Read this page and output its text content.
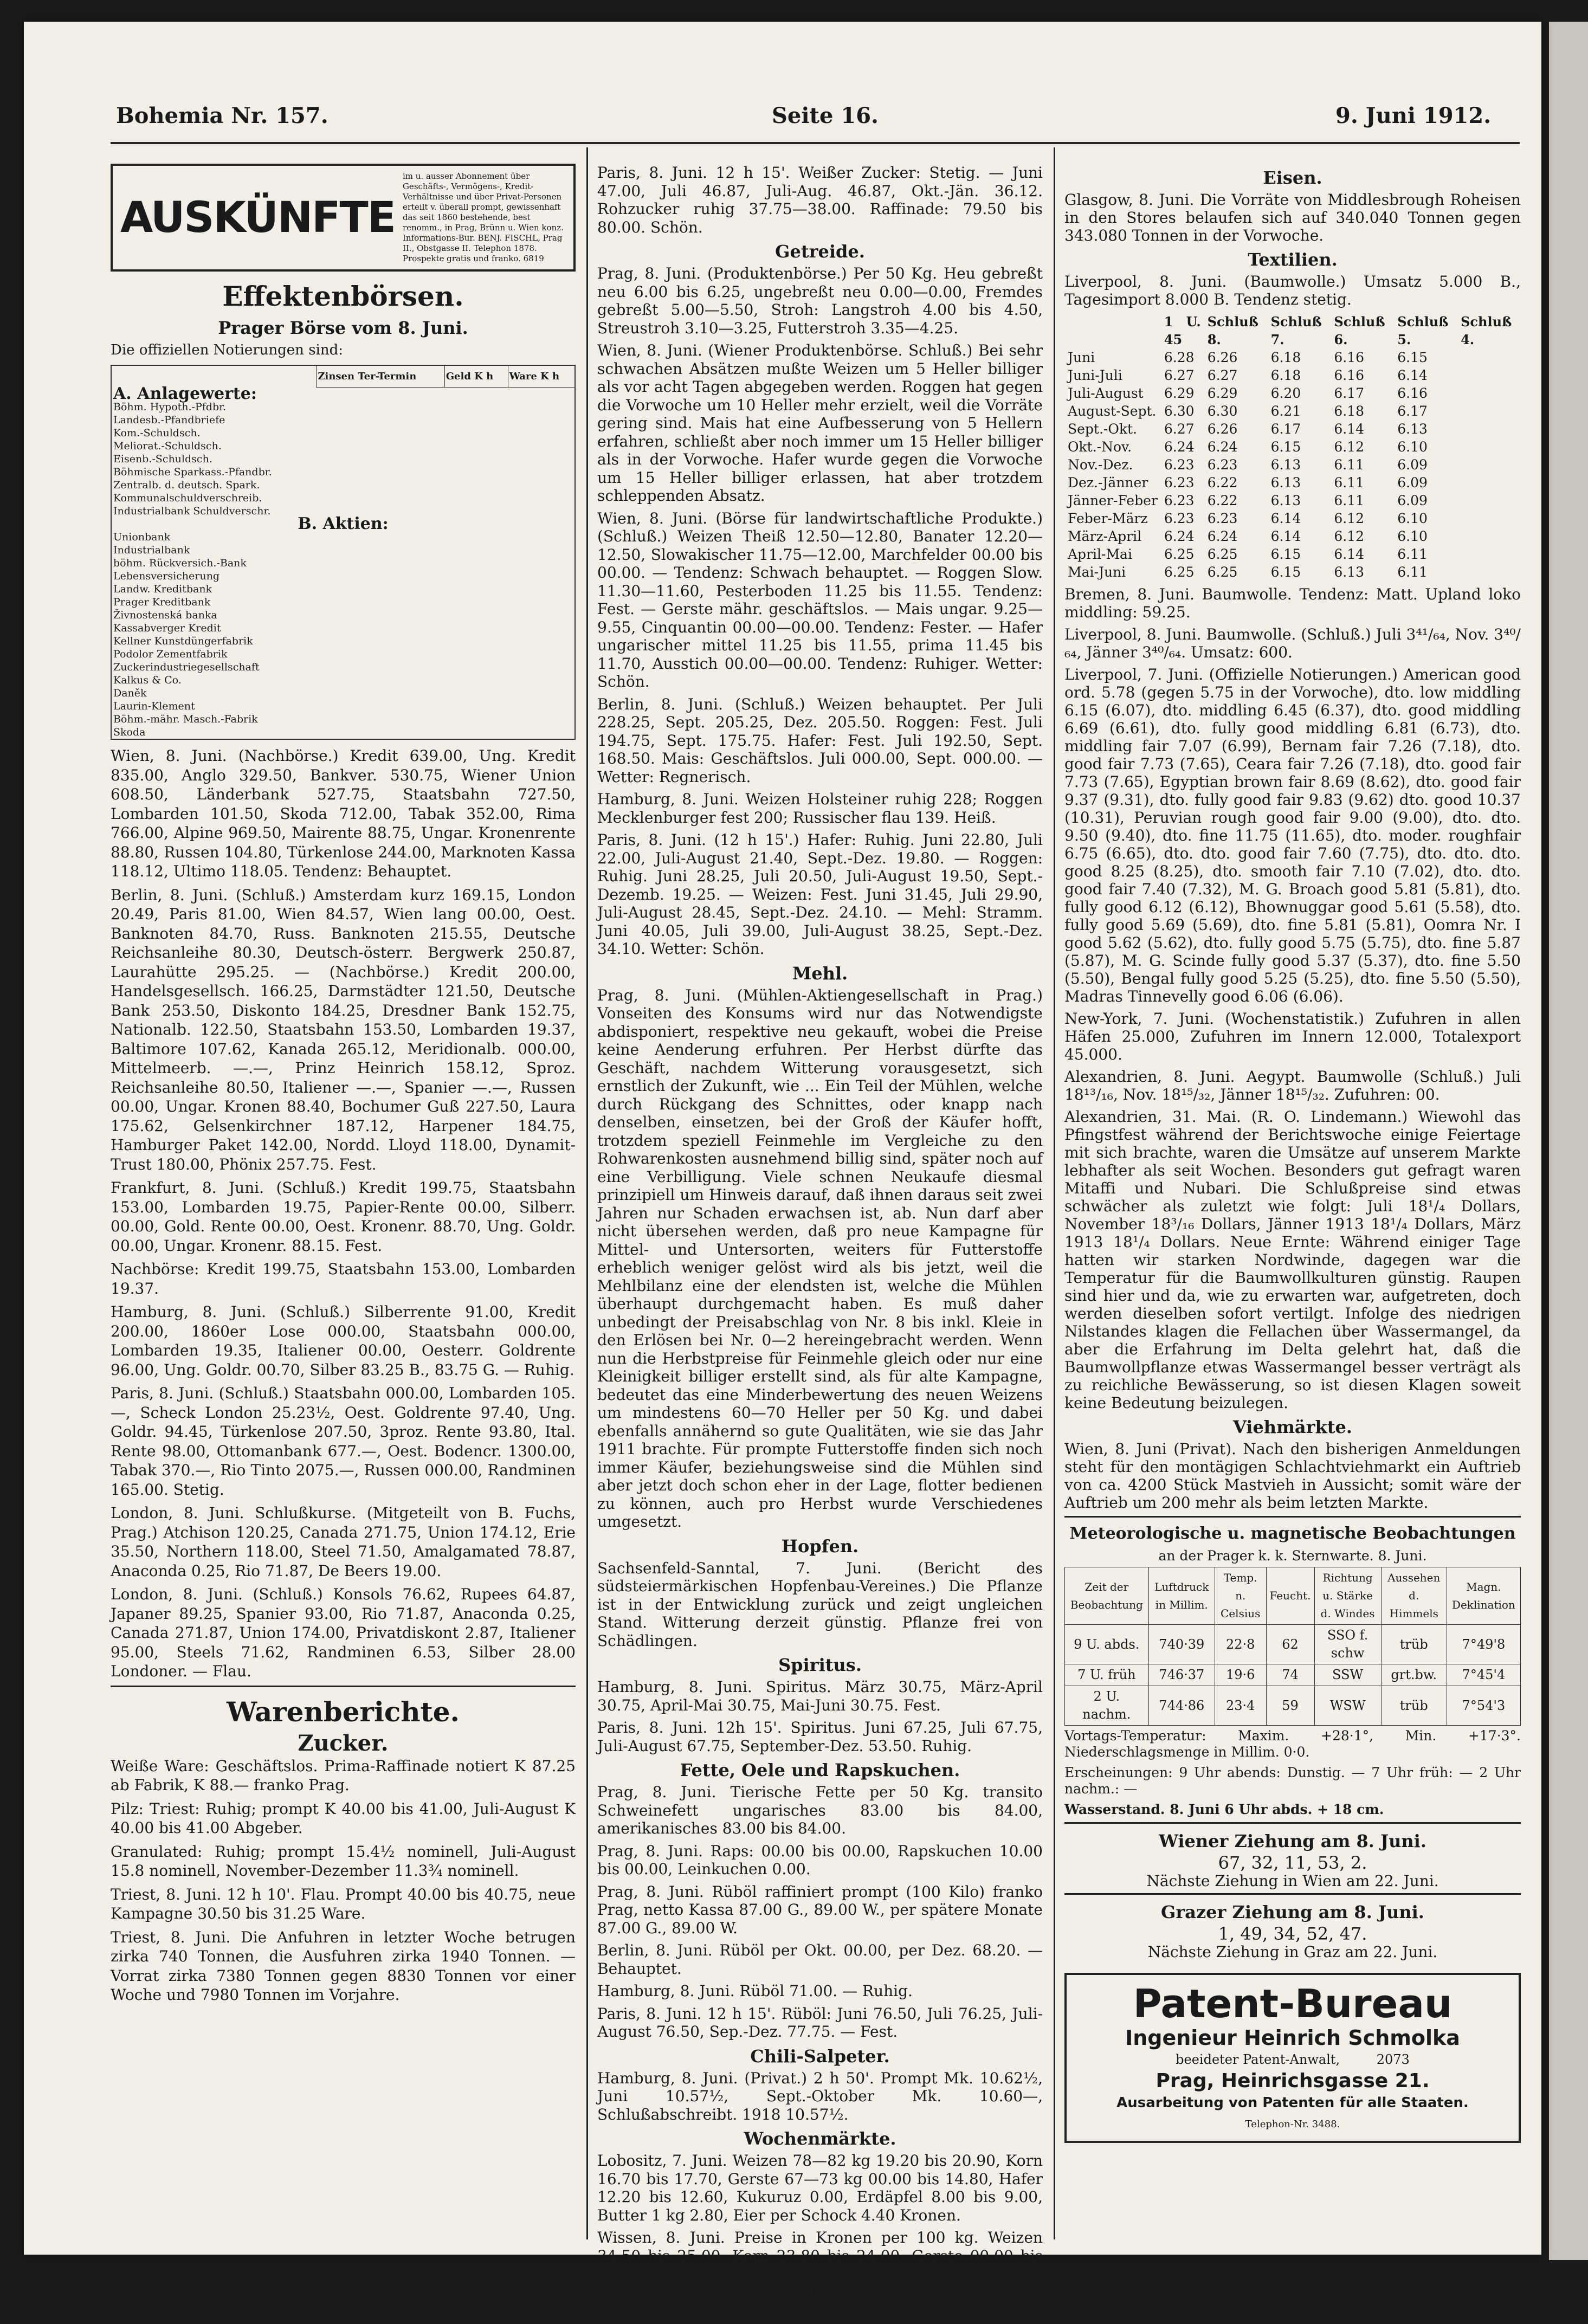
Bohemia Nr. 157.	Seite 16.	9. Juni 1912.
AUSKÜNFTE
im u. ausser Abonnement über Geschäfts-, Vermögens-, Kredit-Verhältnisse und über Privat-Personen erteilt v. überall prompt, gewissenhaft das seit 1860 bestehende, best renomm., in Prag, Brünn u. Wien konz. Informations-Bur. BENJ. FISCHL, Prag II., Obstgasse II. Telephon 1878. Prospekte gratis und franko. 6819
Effektenbörsen.
Prager Börse vom 8. Juni.
Die offiziellen Notierungen sind:
	Zinsen Ter-Termin	Geld K h	Ware K h
A. Anlagewerte:			
Böhm. Hypoth.-Pfdbr.			
Landesb.-Pfandbriefe			
Kom.-Schuldsch.			
Meliorat.-Schuldsch.			
Eisenb.-Schuldsch.			
Böhmische Sparkass.-Pfandbr.			
Zentralb. d. deutsch. Spark.			
Kommunalschuldverschreib.			
Industrialbank Schuldverschr.			
B. Aktien:			
Unionbank			
Industrialbank			
böhm. Rückversich.-Bank			
Lebensversicherung			
Landw. Kreditbank			
Prager Kreditbank			
Živnostenská banka			
Kassabverger Kredit			
Kellner Kunstdüngerfabrik			
Podolor Zementfabrik			
Zuckerindustriegesellschaft			
Kalkus & Co.			
Daněk			
Laurin-Klement			
Böhm.-mähr. Masch.-Fabrik			
Skoda			

Wien, 8. Juni. (Nachbörse.) Kredit 639.00, Ung. Kredit 835.00, Anglo 329.50, Bankver. 530.75, Wiener Union 608.50, Länderbank 527.75, Staatsbahn 727.50, Lombarden 101.50, Skoda 712.00, Tabak 352.00, Rima 766.00, Alpine 969.50, Mairente 88.75, Ungar. Kronenrente 88.80, Russen 104.80, Türkenlose 244.00, Marknoten Kassa 118.12, Ultimo 118.05. Tendenz: Behauptet.

Berlin, 8. Juni. (Schluß.) Amsterdam kurz 169.15, London 20.49, Paris 81.00, Wien 84.57, Wien lang 00.00, Oest. Banknoten 84.70, Russ. Banknoten 215.55, Deutsche Reichsanleihe 80.30, Deutsch-österr. Bergwerk 250.87, Laurahütte 295.25. — (Nachbörse.) Kredit 200.00, Handelsgesellsch. 166.25, Darmstädter 121.50, Deutsche Bank 253.50, Diskonto 184.25, Dresdner Bank 152.75, Nationalb. 122.50, Staatsbahn 153.50, Lombarden 19.37, Baltimore 107.62, Kanada 265.12, Meridionalb. 000.00, Mittelmeerb. —.—, Prinz Heinrich 158.12, Sproz. Reichsanleihe 80.50, Italiener —.—, Spanier —.—, Russen 00.00, Ungar. Kronen 88.40, Bochumer Guß 227.50, Laura 175.62, Gelsenkirchner 187.12, Harpener 184.75, Hamburger Paket 142.00, Nordd. Lloyd 118.00, Dynamit-Trust 180.00, Phönix 257.75. Fest.

Frankfurt, 8. Juni. (Schluß.) Kredit 199.75, Staatsbahn 153.00, Lombarden 19.75, Papier-Rente 00.00, Silberr. 00.00, Gold. Rente 00.00, Oest. Kronenr. 88.70, Ung. Goldr. 00.00, Ungar. Kronenr. 88.15. Fest.

Nachbörse: Kredit 199.75, Staatsbahn 153.00, Lombarden 19.37.

Hamburg, 8. Juni. (Schluß.) Silberrente 91.00, Kredit 200.00, 1860er Lose 000.00, Staatsbahn 000.00, Lombarden 19.35, Italiener 00.00, Oesterr. Goldrente 96.00, Ung. Goldr. 00.70, Silber 83.25 B., 83.75 G. — Ruhig.

Paris, 8. Juni. (Schluß.) Staatsbahn 000.00, Lombarden 105.—, Scheck London 25.23½, Oest. Goldrente 97.40, Ung. Goldr. 94.45, Türkenlose 207.50, 3proz. Rente 93.80, Ital. Rente 98.00, Ottomanbank 677.—, Oest. Bodencr. 1300.00, Tabak 370.—, Rio Tinto 2075.—, Russen 000.00, Randminen 165.00. Stetig.

London, 8. Juni. Schlußkurse. (Mitgeteilt von B. Fuchs, Prag.) Atchison 120.25, Canada 271.75, Union 174.12, Erie 35.50, Northern 118.00, Steel 71.50, Amalgamated 78.87, Anaconda 0.25, Rio 71.87, De Beers 19.00.

London, 8. Juni. (Schluß.) Konsols 76.62, Rupees 64.87, Japaner 89.25, Spanier 93.00, Rio 71.87, Anaconda 0.25, Canada 271.87, Union 174.00, Privatdiskont 2.87, Italiener 95.00, Steels 71.62, Randminen 6.53, Silber 28.00 Londoner. — Flau.

Warenberichte.
Zucker.

Weiße Ware: Geschäftslos. Prima-Raffinade notiert K 87.25 ab Fabrik, K 88.— franko Prag.

Pilz: Triest: Ruhig; prompt K 40.00 bis 41.00, Juli-August K 40.00 bis 41.00 Abgeber.

Granulated: Ruhig; prompt 15.4½ nominell, Juli-August 15.8 nominell, November-Dezember 11.3¾ nominell.

Triest, 8. Juni. 12 h 10'. Flau. Prompt 40.00 bis 40.75, neue Kampagne 30.50 bis 31.25 Ware.

Triest, 8. Juni. Die Anfuhren in letzter Woche betrugen zirka 740 Tonnen, die Ausfuhren zirka 1940 Tonnen. — Vorrat zirka 7380 Tonnen gegen 8830 Tonnen vor einer Woche und 7980 Tonnen im Vorjahre.

Paris, 8. Juni. 12 h 15'. Weißer Zucker: Stetig. — Juni 47.00, Juli 46.87, Juli-Aug. 46.87, Okt.-Jän. 36.12. Rohzucker ruhig 37.75—38.00. Raffinade: 79.50 bis 80.00. Schön.

Getreide.

Prag, 8. Juni. (Produktenbörse.) Per 50 Kg. Heu gebreßt neu 6.00 bis 6.25, ungebreßt neu 0.00—0.00, Fremdes gebreßt 5.00—5.50, Stroh: Langstroh 4.00 bis 4.50, Streustroh 3.10—3.25, Futterstroh 3.35—4.25.

Wien, 8. Juni. (Wiener Produktenbörse. Schluß.) Bei sehr schwachen Absätzen mußte Weizen um 5 Heller billiger als vor acht Tagen abgegeben werden. Roggen hat gegen die Vorwoche um 10 Heller mehr erzielt, weil die Vorräte gering sind. Mais hat eine Aufbesserung von 5 Hellern erfahren, schließt aber noch immer um 15 Heller billiger als in der Vorwoche. Hafer wurde gegen die Vorwoche um 15 Heller billiger erlassen, hat aber trotzdem schleppenden Absatz.

Wien, 8. Juni. (Börse für landwirtschaftliche Produkte.) (Schluß.) Weizen Theiß 12.50—12.80, Banater 12.20—12.50, Slowakischer 11.75—12.00, Marchfelder 00.00 bis 00.00. — Tendenz: Schwach behauptet. — Roggen Slow. 11.30—11.60, Pesterboden 11.25 bis 11.55. Tendenz: Fest. — Gerste mähr. geschäftslos. — Mais ungar. 9.25—9.55, Cinquantin 00.00—00.00. Tendenz: Fester. — Hafer ungarischer mittel 11.25 bis 11.55, prima 11.45 bis 11.70, Ausstich 00.00—00.00. Tendenz: Ruhiger. Wetter: Schön.

Berlin, 8. Juni. (Schluß.) Weizen behauptet. Per Juli 228.25, Sept. 205.25, Dez. 205.50. Roggen: Fest. Juli 194.75, Sept. 175.75. Hafer: Fest. Juli 192.50, Sept. 168.50. Mais: Geschäftslos. Juli 000.00, Sept. 000.00. — Wetter: Regnerisch.

Hamburg, 8. Juni. Weizen Holsteiner ruhig 228; Roggen Mecklenburger fest 200; Russischer flau 139. Heiß.

Paris, 8. Juni. (12 h 15'.) Hafer: Ruhig. Juni 22.80, Juli 22.00, Juli-August 21.40, Sept.-Dez. 19.80. — Roggen: Ruhig. Juni 28.25, Juli 20.50, Juli-August 19.50, Sept.-Dezemb. 19.25. — Weizen: Fest. Juni 31.45, Juli 29.90, Juli-August 28.45, Sept.-Dez. 24.10. — Mehl: Stramm. Juni 40.05, Juli 39.00, Juli-August 38.25, Sept.-Dez. 34.10. Wetter: Schön.

Mehl.

Prag, 8. Juni. (Mühlen-Aktiengesellschaft in Prag.) Vonseiten des Konsums wird nur das Notwendigste abdisponiert, respektive neu gekauft, wobei die Preise keine Aenderung erfuhren. Per Herbst dürfte das Geschäft, nachdem Witterung vorausgesetzt, sich ernstlich der Zukunft, wie ... Ein Teil der Mühlen, welche durch Rückgang des Schnittes, oder knapp nach denselben, einsetzen, bei der Groß der Käufer hofft, trotzdem speziell Feinmehle im Vergleiche zu den Rohwarenkosten ausnehmend billig sind, später noch auf eine Verbilligung. Viele schnen Neukaufe diesmal prinzipiell um Hinweis darauf, daß ihnen daraus seit zwei Jahren nur Schaden erwachsen ist, ab. Nun darf aber nicht übersehen werden, daß pro neue Kampagne für Mittel- und Untersorten, weiters für Futterstoffe erheblich weniger gelöst wird als bis jetzt, weil die Mehlbilanz eine der elendsten ist, welche die Mühlen überhaupt durchgemacht haben. Es muß daher unbedingt der Preisabschlag von Nr. 8 bis inkl. Kleie in den Erlösen bei Nr. 0—2 hereingebracht werden. Wenn nun die Herbstpreise für Feinmehle gleich oder nur eine Kleinigkeit billiger erstellt sind, als für alte Kampagne, bedeutet das eine Minderbewertung des neuen Weizens um mindestens 60—70 Heller per 50 Kg. und dabei ebenfalls annähernd so gute Qualitäten, wie sie das Jahr 1911 brachte. Für prompte Futterstoffe finden sich noch immer Käufer, beziehungsweise sind die Mühlen sind aber jetzt doch schon eher in der Lage, flotter bedienen zu können, auch pro Herbst wurde Verschiedenes umgesetzt.

Hopfen.

Sachsenfeld-Sanntal, 7. Juni. (Bericht des südsteiermärkischen Hopfenbau-Vereines.) Die Pflanze ist in der Entwicklung zurück und zeigt ungleichen Stand. Witterung derzeit günstig. Pflanze frei von Schädlingen.

Spiritus.

Hamburg, 8. Juni. Spiritus. März 30.75, März-April 30.75, April-Mai 30.75, Mai-Juni 30.75. Fest.

Paris, 8. Juni. 12h 15'. Spiritus. Juni 67.25, Juli 67.75, Juli-August 67.75, September-Dez. 53.50. Ruhig.

Fette, Oele und Rapskuchen.

Prag, 8. Juni. Tierische Fette per 50 Kg. transito Schweinefett ungarisches 83.00 bis 84.00, amerikanisches 83.00 bis 84.00.

Prag, 8. Juni. Raps: 00.00 bis 00.00, Rapskuchen 10.00 bis 00.00, Leinkuchen 0.00.

Prag, 8. Juni. Rüböl raffiniert prompt (100 Kilo) franko Prag, netto Kassa 87.00 G., 89.00 W., per spätere Monate 87.00 G., 89.00 W.

Berlin, 8. Juni. Rüböl per Okt. 00.00, per Dez. 68.20. — Behauptet.

Hamburg, 8. Juni. Rüböl 71.00. — Ruhig.

Paris, 8. Juni. 12 h 15'. Rüböl: Juni 76.50, Juli 76.25, Juli-August 76.50, Sep.-Dez. 77.75. — Fest.

Chili-Salpeter.

Hamburg, 8. Juni. (Privat.) 2 h 50'. Prompt Mk. 10.62½, Juni 10.57½, Sept.-Oktober Mk. 10.60—, Schlußabschreibt. 1918 10.57½.

Wochenmärkte.

Lobositz, 7. Juni. Weizen 78—82 kg 19.20 bis 20.90, Korn 16.70 bis 17.70, Gerste 67—73 kg 00.00 bis 14.80, Hafer 12.20 bis 12.60, Kukuruz 0.00, Erdäpfel 8.00 bis 9.00, Butter 1 kg 2.80, Eier per Schock 4.40 Kronen.

Wissen, 8. Juni. Preise in Kronen per 100 kg. Weizen 34.50 bis 25.00, Korn 23.80 bis 24.00, Gerste 00.00 bis 00.00, Hafer 23.00 bis 24.00, Kukuruz 23.00 bis 00.00, Linsen 00.00 bis 00.00, Wicken 29.00 bis 30.00, Kartoffel 16.00 bis 20.00, Heu 00.00, Stroh 6.00 bis 7.40.

Eisen.

Glasgow, 8. Juni. Die Vorräte von Middlesbrough Roheisen in den Stores belaufen sich auf 340.040 Tonnen gegen 343.080 Tonnen in der Vorwoche.

Textilien.

Liverpool, 8. Juni. (Baumwolle.) Umsatz 5.000 B., Tagesimport 8.000 B. Tendenz stetig.

	1 U. 45	Schluß 8.	Schluß 7.	Schluß 6.	Schluß 5.	Schluß 4.
Juni	6.28	6.26	6.18	6.16	6.15	
Juni-Juli	6.27	6.27	6.18	6.16	6.14	
Juli-August	6.29	6.29	6.20	6.17	6.16	
August-Sept.	6.30	6.30	6.21	6.18	6.17	
Sept.-Okt.	6.27	6.26	6.17	6.14	6.13	
Okt.-Nov.	6.24	6.24	6.15	6.12	6.10	
Nov.-Dez.	6.23	6.23	6.13	6.11	6.09	
Dez.-Jänner	6.23	6.22	6.13	6.11	6.09	
Jänner-Feber	6.23	6.22	6.13	6.11	6.09	
Feber-März	6.23	6.23	6.14	6.12	6.10	
März-April	6.24	6.24	6.14	6.12	6.10	
April-Mai	6.25	6.25	6.15	6.14	6.11	
Mai-Juni	6.25	6.25	6.15	6.13	6.11	

Bremen, 8. Juni. Baumwolle. Tendenz: Matt. Upland loko middling: 59.25.

Liverpool, 8. Juni. Baumwolle. (Schluß.) Juli 3⁴¹/₆₄, Nov. 3⁴⁰/₆₄, Jänner 3⁴⁰/₆₄. Umsatz: 600.

Liverpool, 7. Juni. (Offizielle Notierungen.) American good ord. 5.78 (gegen 5.75 in der Vorwoche), dto. low middling 6.15 (6.07), dto. middling 6.45 (6.37), dto. good middling 6.69 (6.61), dto. fully good middling 6.81 (6.73), dto. middling fair 7.07 (6.99), Bernam fair 7.26 (7.18), dto. good fair 7.73 (7.65), Ceara fair 7.26 (7.18), dto. good fair 7.73 (7.65), Egyptian brown fair 8.69 (8.62), dto. good fair 9.37 (9.31), dto. fully good fair 9.83 (9.62) dto. good 10.37 (10.31), Peruvian rough good fair 9.00 (9.00), dto. dto. 9.50 (9.40), dto. fine 11.75 (11.65), dto. moder. roughfair 6.75 (6.65), dto. dto. good fair 7.60 (7.75), dto. dto. dto. good 8.25 (8.25), dto. smooth fair 7.10 (7.02), dto. dto. good fair 7.40 (7.32), M. G. Broach good 5.81 (5.81), dto. fully good 6.12 (6.12), Bhownuggar good 5.61 (5.58), dto. fully good 5.69 (5.69), dto. fine 5.81 (5.81), Oomra Nr. I good 5.62 (5.62), dto. fully good 5.75 (5.75), dto. fine 5.87 (5.87), M. G. Scinde fully good 5.37 (5.37), dto. fine 5.50 (5.50), Bengal fully good 5.25 (5.25), dto. fine 5.50 (5.50), Madras Tinnevelly good 6.06 (6.06).

New-York, 7. Juni. (Wochenstatistik.) Zufuhren in allen Häfen 25.000, Zufuhren im Innern 12.000, Totalexport 45.000.

Alexandrien, 8. Juni. Aegypt. Baumwolle (Schluß.) Juli 18¹³/₁₆, Nov. 18¹⁵/₃₂, Jänner 18¹⁵/₃₂. Zufuhren: 00.

Alexandrien, 31. Mai. (R. O. Lindemann.) Wiewohl das Pfingstfest während der Berichtswoche einige Feiertage mit sich brachte, waren die Umsätze auf unserem Markte lebhafter als seit Wochen. Besonders gut gefragt waren Mitaffi und Nubari. Die Schlußpreise sind etwas schwächer als zuletzt wie folgt: Juli 18¹/₄ Dollars, November 18³/₁₆ Dollars, Jänner 1913 18¹/₄ Dollars, März 1913 18¹/₄ Dollars. Neue Ernte: Während einiger Tage hatten wir starken Nordwinde, dagegen war die Temperatur für die Baumwollkulturen günstig. Raupen sind hier und da, wie zu erwarten war, aufgetreten, doch werden dieselben sofort vertilgt. Infolge des niedrigen Nilstandes klagen die Fellachen über Wassermangel, da aber die Erfahrung im Delta gelehrt hat, daß die Baumwollpflanze etwas Wassermangel besser verträgt als zu reichliche Bewässerung, so ist diesen Klagen soweit keine Bedeutung beizulegen.

Viehmärkte.

Wien, 8. Juni (Privat). Nach den bisherigen Anmeldungen steht für den montägigen Schlachtviehmarkt ein Auftrieb von ca. 4200 Stück Mastvieh in Aussicht; somit wäre der Auftrieb um 200 mehr als beim letzten Markte.

Meteorologische u. magnetische Beobachtungen
an der Prager k. k. Sternwarte. 8. Juni.
Zeit der Beobachtung	Luftdruck in Millim.	Temp. n. Celsius	Feucht.	Richtung u. Stärke d. Windes	Aussehen d. Himmels	Magn. Deklination
9 U. abds.	740·39	22·8	62	SSO f. schw	trüb	7°49'8
7 U. früh	746·37	19·6	74	SSW	grt.bw.	7°45'4
2 U. nachm.	744·86	23·4	59	WSW	trüb	7°54'3

Vortags-Temperatur: Maxim. +28·1°, Min. +17·3°. Niederschlagsmenge in Millim. 0·0.

Erscheinungen: 9 Uhr abends: Dunstig. — 7 Uhr früh: — 2 Uhr nachm.: —

Wasserstand. 8. Juni 6 Uhr abds. + 18 cm.

Wiener Ziehung am 8. Juni.
67, 32, 11, 53, 2.
Nächste Ziehung in Wien am 22. Juni.
Grazer Ziehung am 8. Juni.
1, 49, 34, 52, 47.
Nächste Ziehung in Graz am 22. Juni.
Patent-Bureau
Ingenieur Heinrich Schmolka
beeideter Patent-Anwalt,	2073
Prag, Heinrichsgasse 21.
Ausarbeitung von Patenten für alle Staaten.
Telephon-Nr. 3488.
